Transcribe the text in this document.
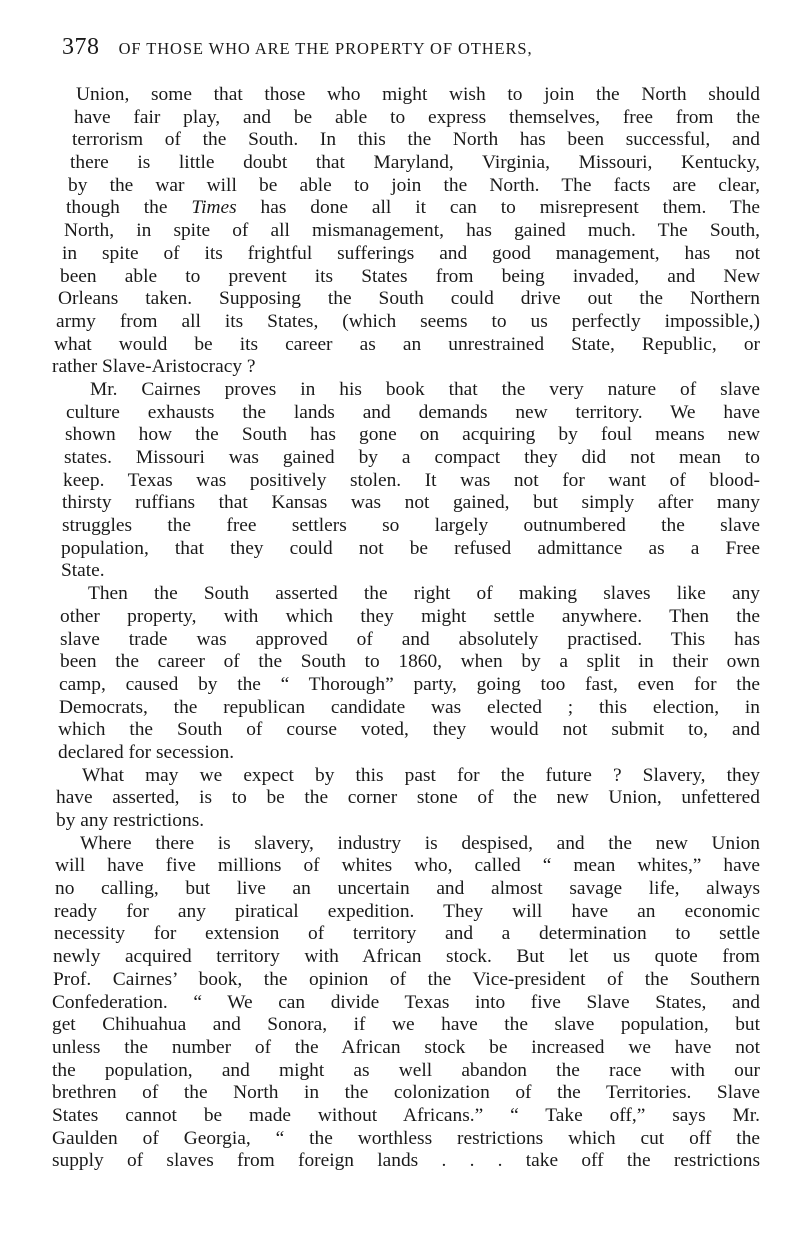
378 OF THOSE WHO ARE THE PROPERTY OF OTHERS,
Union, some that those who might wish to join the North should
have fair play, and be able to express themselves, free from the
terrorism of the South. In this the North has been successful, and
there is little doubt that Maryland, Virginia, Missouri, Kentucky,
by the war will be able to join the North. The facts are clear,
though the Times has done all it can to misrepresent them. The
North, in spite of all mismanagement, has gained much. The South,
in spite of its frightful sufferings and good management, has not
been able to prevent its States from being invaded, and New
Orleans taken. Supposing the South could drive out the Northern
army from all its States, (which seems to us perfectly impossible,)
what would be its career as an unrestrained State, Republic, or
rather Slave-Aristocracy ?
Mr. Cairnes proves in his book that the very nature of slave
culture exhausts the lands and demands new territory. We have
shown how the South has gone on acquiring by foul means new
states. Missouri was gained by a compact they did not mean to
keep. Texas was positively stolen. It was not for want of blood-
thirsty ruffians that Kansas was not gained, but simply after many
struggles the free settlers so largely outnumbered the slave
population, that they could not be refused admittance as a Free
State.
Then the South asserted the right of making slaves like any
other property, with which they might settle anywhere. Then the
slave trade was approved of and absolutely practised. This has
been the career of the South to 1860, when by a split in their own
camp, caused by the “ Thorough” party, going too fast, even for the
Democrats, the republican candidate was elected ; this election, in
which the South of course voted, they would not submit to, and
declared for secession.
What may we expect by this past for the future ? Slavery, they
have asserted, is to be the corner stone of the new Union, unfettered
by any restrictions.
Where there is slavery, industry is despised, and the new Union
will have five millions of whites who, called “ mean whites,” have
no calling, but live an uncertain and almost savage life, always
ready for any piratical expedition. They will have an economic
necessity for extension of territory and a determination to settle
newly acquired territory with African stock. But let us quote from
Prof. Cairnes’ book, the opinion of the Vice-president of the Southern
Confederation. “ We can divide Texas into five Slave States, and
get Chihuahua and Sonora, if we have the slave population, but
unless the number of the African stock be increased we have not
the population, and might as well abandon the race with our
brethren of the North in the colonization of the Territories. Slave
States cannot be made without Africans.” “ Take off,” says Mr.
Gaulden of Georgia, “ the worthless restrictions which cut off the
supply of slaves from foreign lands . . . take off the restrictions
